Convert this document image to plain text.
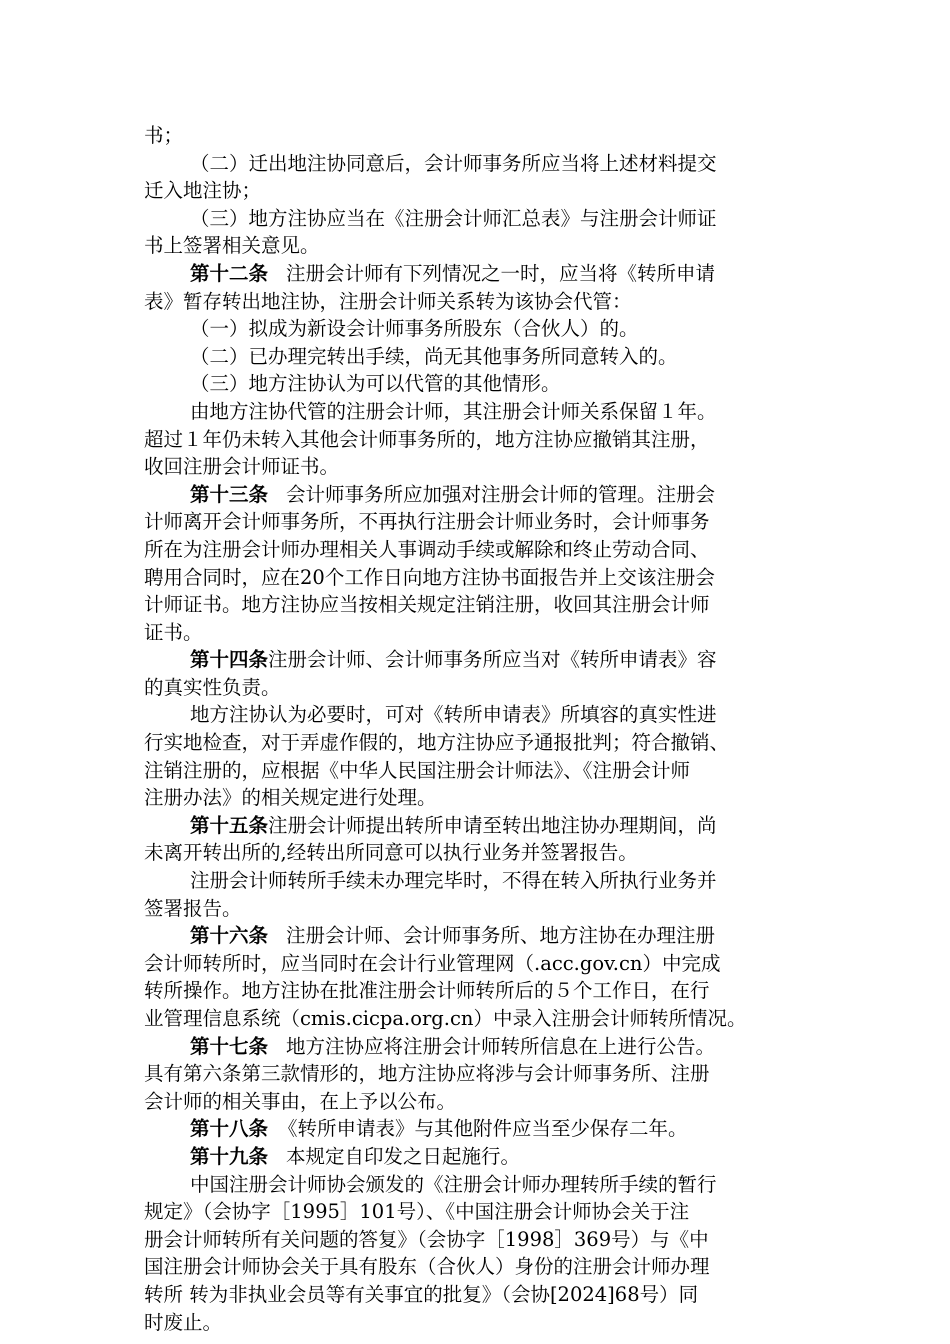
书；
（二）迁出地注协同意后，会计师事务所应当将上述材料提交
迁入地注协；
（三）地方注协应当在《注册会计师汇总表》与注册会计师证
书上签署相关意见。
第十二条 注册会计师有下列情况之一时，应当将《转所申请
表》暂存转出地注协，注册会计师关系转为该协会代管：
（一）拟成为新设会计师事务所股东（合伙人）的。
（二）已办理完转出手续，尚无其他事务所同意转入的。
（三）地方注协认为可以代管的其他情形。
由地方注协代管的注册会计师，其注册会计师关系保留１年。
超过１年仍未转入其他会计师事务所的，地方注协应撤销其注册，
收回注册会计师证书。
第十三条 会计师事务所应加强对注册会计师的管理。注册会
计师离开会计师事务所，不再执行注册会计师业务时，会计师事务
所在为注册会计师办理相关人事调动手续或解除和终止劳动合同、
聘用合同时，应在20个工作日向地方注协书面报告并上交该注册会
计师证书。地方注协应当按相关规定注销注册，收回其注册会计师
证书。
第十四条注册会计师、会计师事务所应当对《转所申请表》容
的真实性负责。
地方注协认为必要时，可对《转所申请表》所填容的真实性进
行实地检查，对于弄虚作假的，地方注协应予通报批判；符合撤销、
注销注册的，应根据《中华人民国注册会计师法》、《注册会计师
注册办法》的相关规定进行处理。
第十五条注册会计师提出转所申请至转出地注协办理期间，尚
未离开转出所的,经转出所同意可以执行业务并签署报告。
注册会计师转所手续未办理完毕时，不得在转入所执行业务并
签署报告。
第十六条 注册会计师、会计师事务所、地方注协在办理注册
会计师转所时，应当同时在会计行业管理网（.acc.gov.cn）中完成
转所操作。地方注协在批准注册会计师转所后的５个工作日，在行
业管理信息系统（cmis.cicpa.org.cn）中录入注册会计师转所情况。
第十七条 地方注协应将注册会计师转所信息在上进行公告。
具有第六条第三款情形的，地方注协应将涉与会计师事务所、注册
会计师的相关事由，在上予以公布。
第十八条 《转所申请表》与其他附件应当至少保存二年。
第十九条 本规定自印发之日起施行。
中国注册会计师协会颁发的《注册会计师办理转所手续的暂行
规定》（会协字［1995］101号）、《中国注册会计师协会关于注
册会计师转所有关问题的答复》（会协字［1998］369号）与《中
国注册会计师协会关于具有股东（合伙人）身份的注册会计师办理
转所 转为非执业会员等有关事宜的批复》（会协[2024]68号）同
时废止。
